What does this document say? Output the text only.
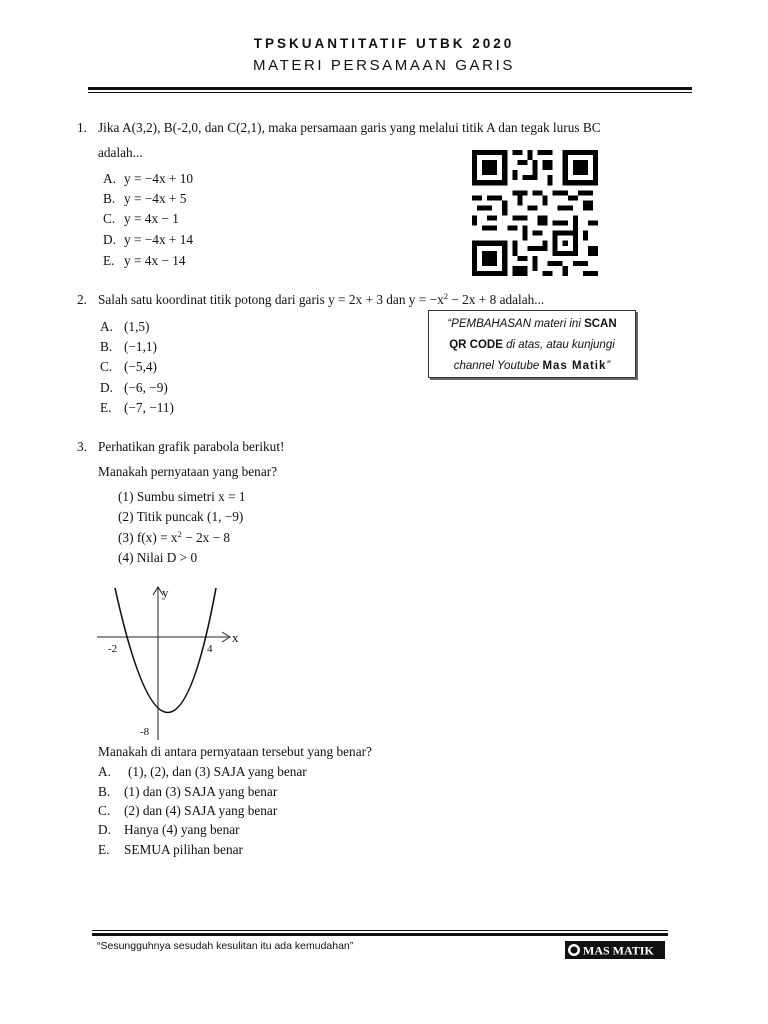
TPSKUANTITATIF UTBK 2020
MATERI PERSAMAAN GARIS
1. Jika A(3,2), B(-2,0, dan C(2,1), maka persamaan garis yang melalui titik A dan tegak lurus BC
adalah...
A. y = −4x + 10
B. y = −4x + 5
C. y = 4x − 1
D. y = −4x + 14
E. y = 4x − 14
2. Salah satu koordinat titik potong dari garis y = 2x + 3 dan $y = -x^2 - 2x + 8$ adalah...
A. (1,5)
B. (−1,1)
C. (−5,4)
D. (−6, −9)
E. (−7, −11)
“PEMBAHASAN materi ini SCAN
QR CODE di atas, atau kunjungi
channel Youtube Mas Matik”
3. Perhatikan grafik parabola berikut!
Manakah pernyataan yang benar?
(1) Sumbu simetri x = 1
(2) Titik puncak (1, −9)
(3) $f(x) = x^2 - 2x - 8$
(4) Nilai D > 0
y
x
-2	4
-8
Manakah di antara pernyataan tersebut yang benar?
A. (1), (2), dan (3) SAJA yang benar
B. (1) dan (3) SAJA yang benar
C. (2) dan (4) SAJA yang benar
D. Hanya (4) yang benar
E. SEMUA pilihan benar
“Sesungguhnya sesudah kesulitan itu ada kemudahan”	MAS MATIK
